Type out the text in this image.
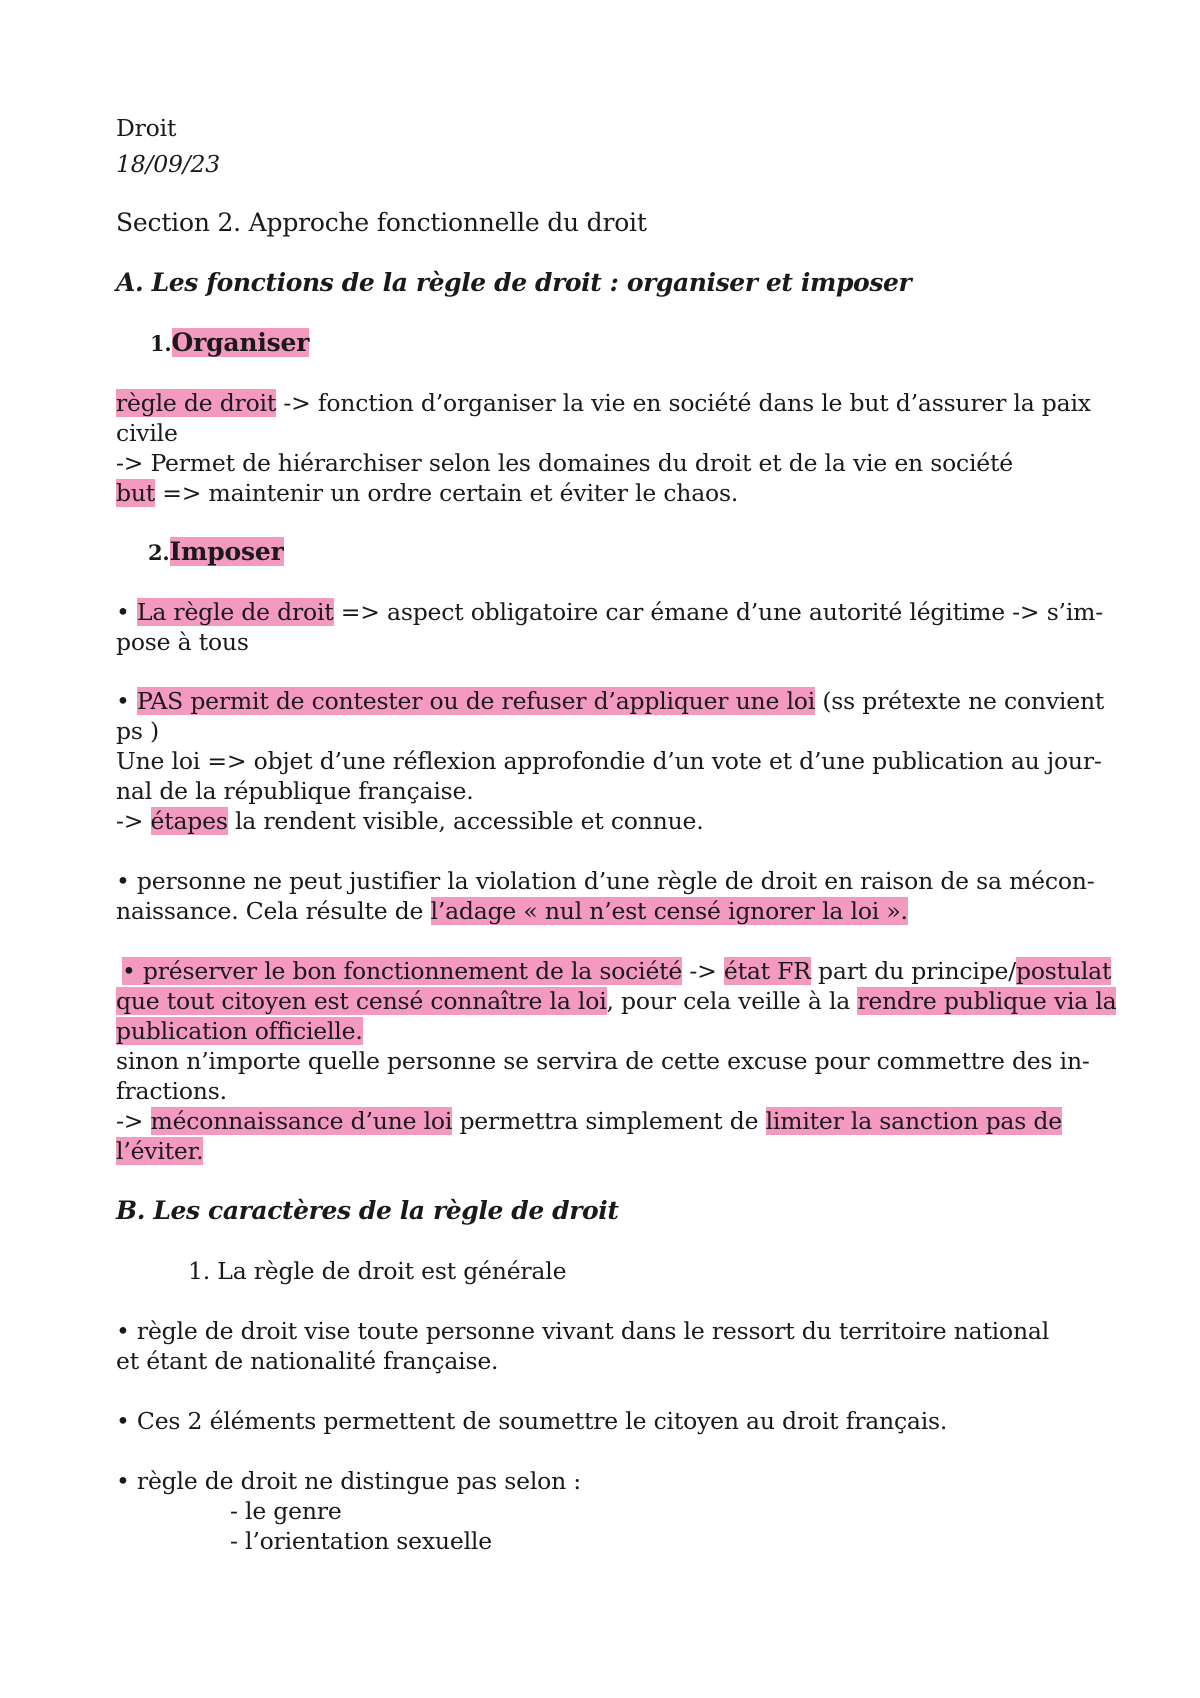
Droit
18/09/23
Section 2. Approche fonctionnelle du droit
A. Les fonctions de la règle de droit : organiser et imposer
1.Organiser
règle de droit -> fonction d’organiser la vie en société dans le but d’assurer la paix
civile
-> Permet de hiérarchiser selon les domaines du droit et de la vie en société
but => maintenir un ordre certain et éviter le chaos.
2.Imposer
• La règle de droit => aspect obligatoire car émane d’une autorité légitime -> s’im-
pose à tous
• PAS permit de contester ou de refuser d’appliquer une loi (ss prétexte ne convient
ps )
Une loi => objet d’une réflexion approfondie d’un vote et d’une publication au jour-
nal de la république française.
-> étapes la rendent visible, accessible et connue.
• personne ne peut justifier la violation d’une règle de droit en raison de sa mécon-
naissance. Cela résulte de l’adage « nul n’est censé ignorer la loi ».
• préserver le bon fonctionnement de la société -> état FR part du principe/postulat
que tout citoyen est censé connaître la loi, pour cela veille à la rendre publique via la
publication officielle.
sinon n’importe quelle personne se servira de cette excuse pour commettre des in-
fractions.
-> méconnaissance d’une loi permettra simplement de limiter la sanction pas de
l’éviter.
B. Les caractères de la règle de droit
1. La règle de droit est générale
• règle de droit vise toute personne vivant dans le ressort du territoire national
et étant de nationalité française.
• Ces 2 éléments permettent de soumettre le citoyen au droit français.
• règle de droit ne distingue pas selon :
- le genre
- l’orientation sexuelle
